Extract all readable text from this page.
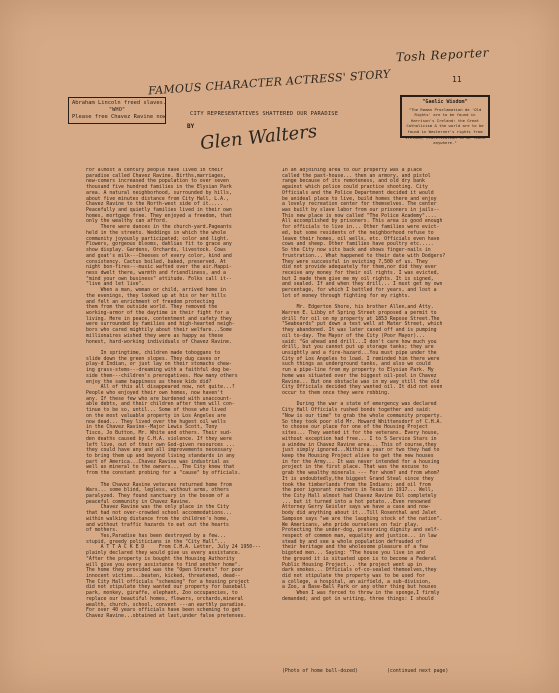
Tosh Reporter
11
FAMOUS CHARACTER ACTRESS' STORY
Abraham Lincoln freed slaves.
"WHO"
Please free Chavez Ravine now
"Gaelic Wisdom"
"The Roman Proclamation de 'Old Rights' are to be found in Harrison's Ireland: the Great Catholicism & the world are to be found in Westerner's rights from Ireland, Clarification to be found anywhere."
CITY REPRESENTATIVES SHATTERED OUR PARADISE
BY Glen Walters
For almost a century people have lived in their
paradise called Chavez Ravine. Births,marriages,
new-comers increased the population to over seven
thousand five hundred families in the Elysian Park
area. A natural neighborhood, surrounded by hills,
about five minutes distance from City Hall, L.A.,
Chavez Ravine to the North-west side of it.....
Peacefully and quietly families lived in their own
homes, mortgage free. They enjoyed a freedom, that
only the wealthy can afford.
There were dances in the church-yard.Pageants
held in the streets. Weddings in which the whole
community joyously participated; color and light.
Flowers, gorgeous blooms, dahlias fit to grace any
show display. Gardens, Orchards, livestock. Cows
and goat's milk---Cheeses of every color, kind and
consistency. Cactus boiled, baked, preserved. At
night bon-fires---music wafted over the air.Happi-
ness dwelt there, warmth and friendliness, and a
"mind your own business" attitude. Folks call it--
"live and let live".
When a man, woman or child, arrived home in
the evenings, they looked up at his or her hills
and felt an enrichment of freedom protecting
them from the outside world. They removed the
working-armor of the daytime in their fight for a
living. Here in peace, contentment and safety they
were surrounded by families and high-hearted neigh-
bors who cared mightily about their welfare...Some
millionaires wished they were as happy as these
honest, hard-working individuals of Chavez Ravine.

In springtime, children made toboggans to
slide down the green slopes. They dug caves or
play-d Indian, or just lay on their stomachs chew-
ing grass-stems---dreaming with a faithful dog be-
side them---children's prerogatives. How many others
enjoy the same happiness as these kids did?
All of this all disappeared now, not quite...?
People who enjoyed their own homes, now haven't
any. If these few who are burdened with unaccount-
able debts, and their children after them will con-
tinue to be so, until... Some of those who lived
on the most valuable property in Los Angeles are
now dead... They lived over the hugest oil wells
in the Chavez Ravine--Major Lewis Scott, Tony
Tisco, Jo Button, Mr. White and others. Their sud-
den deaths caused by C.H.A. violence. If they were
left live, out of their own God-given resources ...
they could have any and all improvements necessary
to bring them up and beyond living standards in any
part of America...Chavez Ravine was industrial as
well as mineral to the owners... The City knew that
from the constant probing for a "cause" by officials.

The Chavez Ravine veterans returned home from
Wars... some blind, legless, without arms, others
paralyzed. They found sanctuary in the bosom of a
peaceful community in Chavez Ravine.
Chavez Ravine was the only place in the City
that had not over-crowded school accommodations...
within walking distance from the children's home,
and without traffic hazards to eat out the hearts
of mothers.
Yes,Paradise has been destroyed by a few...
stupid, greedy politicians in the "City Hall"...
A T T A C K E D     From C.H.A. Letter, July 24 1950---
plainly declared they would give us every assistance.
"After the property is bought the Housing Authority
will give you every assistance to find another home".
The home they provided was the "Open Streets" for poor
innocent victims...beaten, kicked, threatened, dead--
The City Hall officials "scheming" for a housing project
did not stipulate they wanted our property for baseball
park, monkey, giraffe, elephant, Zoo occupancies, to
replace our beautiful homes, flowers, orchards,mineral
wealth, church, school, convent ---an earthly paradise.
For over 40 years officials have been scheming to get
Chavez Ravine...obtained at last,under false pretenses.
In an adjoining area to our property was a place
called the past-house... then an armory, and pistol
range because of its remoteness, and old dry bank
against which police could practice shooting. City
Officials and the Police Department decided it would
be anideal place to live, build homes there and enjoy
a lovely recreation center for themselves. The center
was built by slave labor from our prisoners in jails--
This new place is now called "The Police Academy"....
All accomplished by prisoners. This area is good enough
for officials to live in... Other families were evict-
ed, but some residents of the neighborhood refuse to
leave their homes, oil wells, etc. Officials even have
cows and sheep. Other families have poultry etc.....
So the City now sits back and shows finger-nails in
frustration... What happened to their date with Dodgers?
They were successful in evicting 7,500 of us. They
did not provide adequately for them,nor did they ever
receive any money for their oil rights. I was evicted,
but I made them give me my oil rights. It is signed,
and sealed. If and when they drill... I must get my own
percentage, for which I battled for years, and lost a
lot of money through fighting for my rights.

Mr. Edgerton Shore, his brother Allen,and Atty.
Warren E. Libby of Spring Street proposed a permit to
drill for oil on my property at 1853 Repose Street.The
"Seaboards" put down a test well at Mater Street, which
they abandoned. It was later cased off and is pumping
oil to-day. The Mayor of the City (Poor Mayor)...
said: "Go ahead and drill...I don't care how much you
drill, but you cannot put up storage tanks; they are
unsightly and a fire-hazard...You must pipe under the
City of Los Angeles to load. I reminded him there were
such things as underground tanks, and also we could
run a pipe-line from my property to Elysian Park. My
home was situated over the biggest oil-pool in Chavez
Ravine... But one obstacle was in my way still the old
City Officials decided they wanted oil. It did not even
occur to them once they were robbing.

During the war a state of emergency was declared
City Hall Officials rushed bonds together and said:
"Now is our time" to grab the whole community property.
So they took poor old Mr. Howard Whittensdorf of C.H.A.
to choose our place for one of the Housing Project
sites... They wanted it for the veterans. Every house,
without exception had free... I to 5 Service Stars in
a window in Chavez Ravine area... This of course,they
just simply ignored...Within a year or two they had to
keep the Housing Project alive to get the new houses
in for the Army... It was never intended for a housing
project in the first place. That was the excuse to
grab the wealthy minerals --- For whom? and from whom?
It is undoubtedly,the biggest Grand Steal since they
took the timberlands from the Indians; and oil from
the poor ignorant ranchers in Texas in 1917... Well,
the City Hall almost had Chavez Ravine Oil completely
... but it turned into a hot potato...Even renowned
Attorney Gerry Geisler says we have a case and now-
body did anything about it...Till Rosenthal and Jalet
Sampson says "we are the laughing stock of the nation".
We Americans, who pride ourselves on fair play.
Protecting the under-dog, preserving dignity and self-
respect of common man, equality and justice... in law
stead by and see a whole population defrauded of
their heritage and the wholesome pleasure of a few
bigoted men... Saying: "The house you live in and
the ground it is situated upon is to become a Federal
Public Housing Project... the project went up in
dark smokes... Officials of-co-sealed themselves,they
did not stipulate the property was to be used for
a college, a hospital, an airfield, a sub-division,
a Zoo, a Base-Ball Park or any other thing but houses
When I was forced to throw in the sponge,I firmly
demanded; and got in writing, three things: I should
(Photo of home bull-dozed)	(continued next page)
